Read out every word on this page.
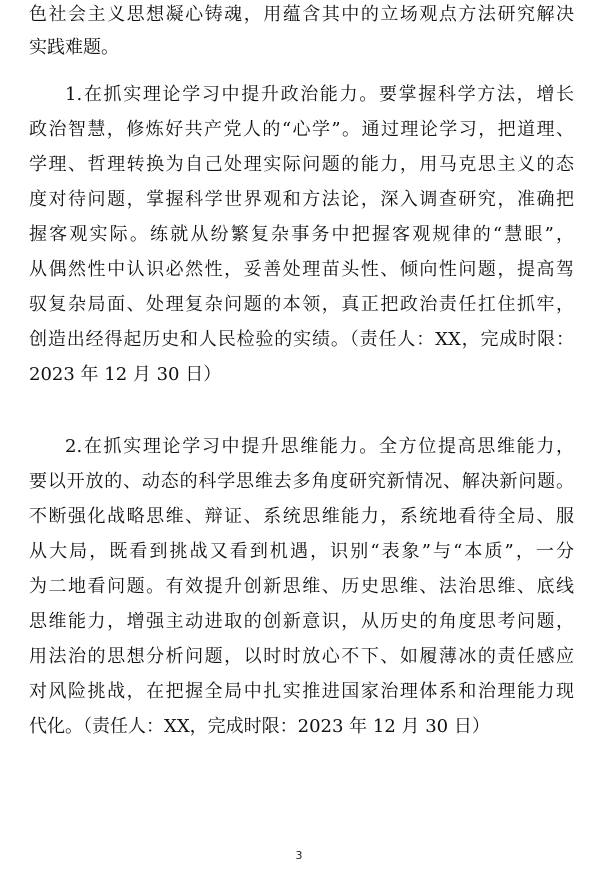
色社会主义思想凝心铸魂，用蕴含其中的立场观点方法研究解决
实践难题。
1.在抓实理论学习中提升政治能力。要掌握科学方法，增长
政治智慧，修炼好共产党人的“心学”。通过理论学习，把道理、
学理、哲理转换为自己处理实际问题的能力，用马克思主义的态
度对待问题，掌握科学世界观和方法论，深入调查研究，准确把
握客观实际。练就从纷繁复杂事务中把握客观规律的“慧眼”，
从偶然性中认识必然性，妥善处理苗头性、倾向性问题，提高驾
驭复杂局面、处理复杂问题的本领，真正把政治责任扛住抓牢，
创造出经得起历史和人民检验的实绩。（责任人：XX，完成时限：
2023 年 12 月 30 日）
2.在抓实理论学习中提升思维能力。全方位提高思维能力，
要以开放的、动态的科学思维去多角度研究新情况、解决新问题。
不断强化战略思维、辩证、系统思维能力，系统地看待全局、服
从大局，既看到挑战又看到机遇，识别“表象”与“本质”，一分
为二地看问题。有效提升创新思维、历史思维、法治思维、底线
思维能力，增强主动进取的创新意识，从历史的角度思考问题，
用法治的思想分析问题，以时时放心不下、如履薄冰的责任感应
对风险挑战，在把握全局中扎实推进国家治理体系和治理能力现
代化。（责任人：XX，完成时限：2023 年 12 月 30 日）
3
